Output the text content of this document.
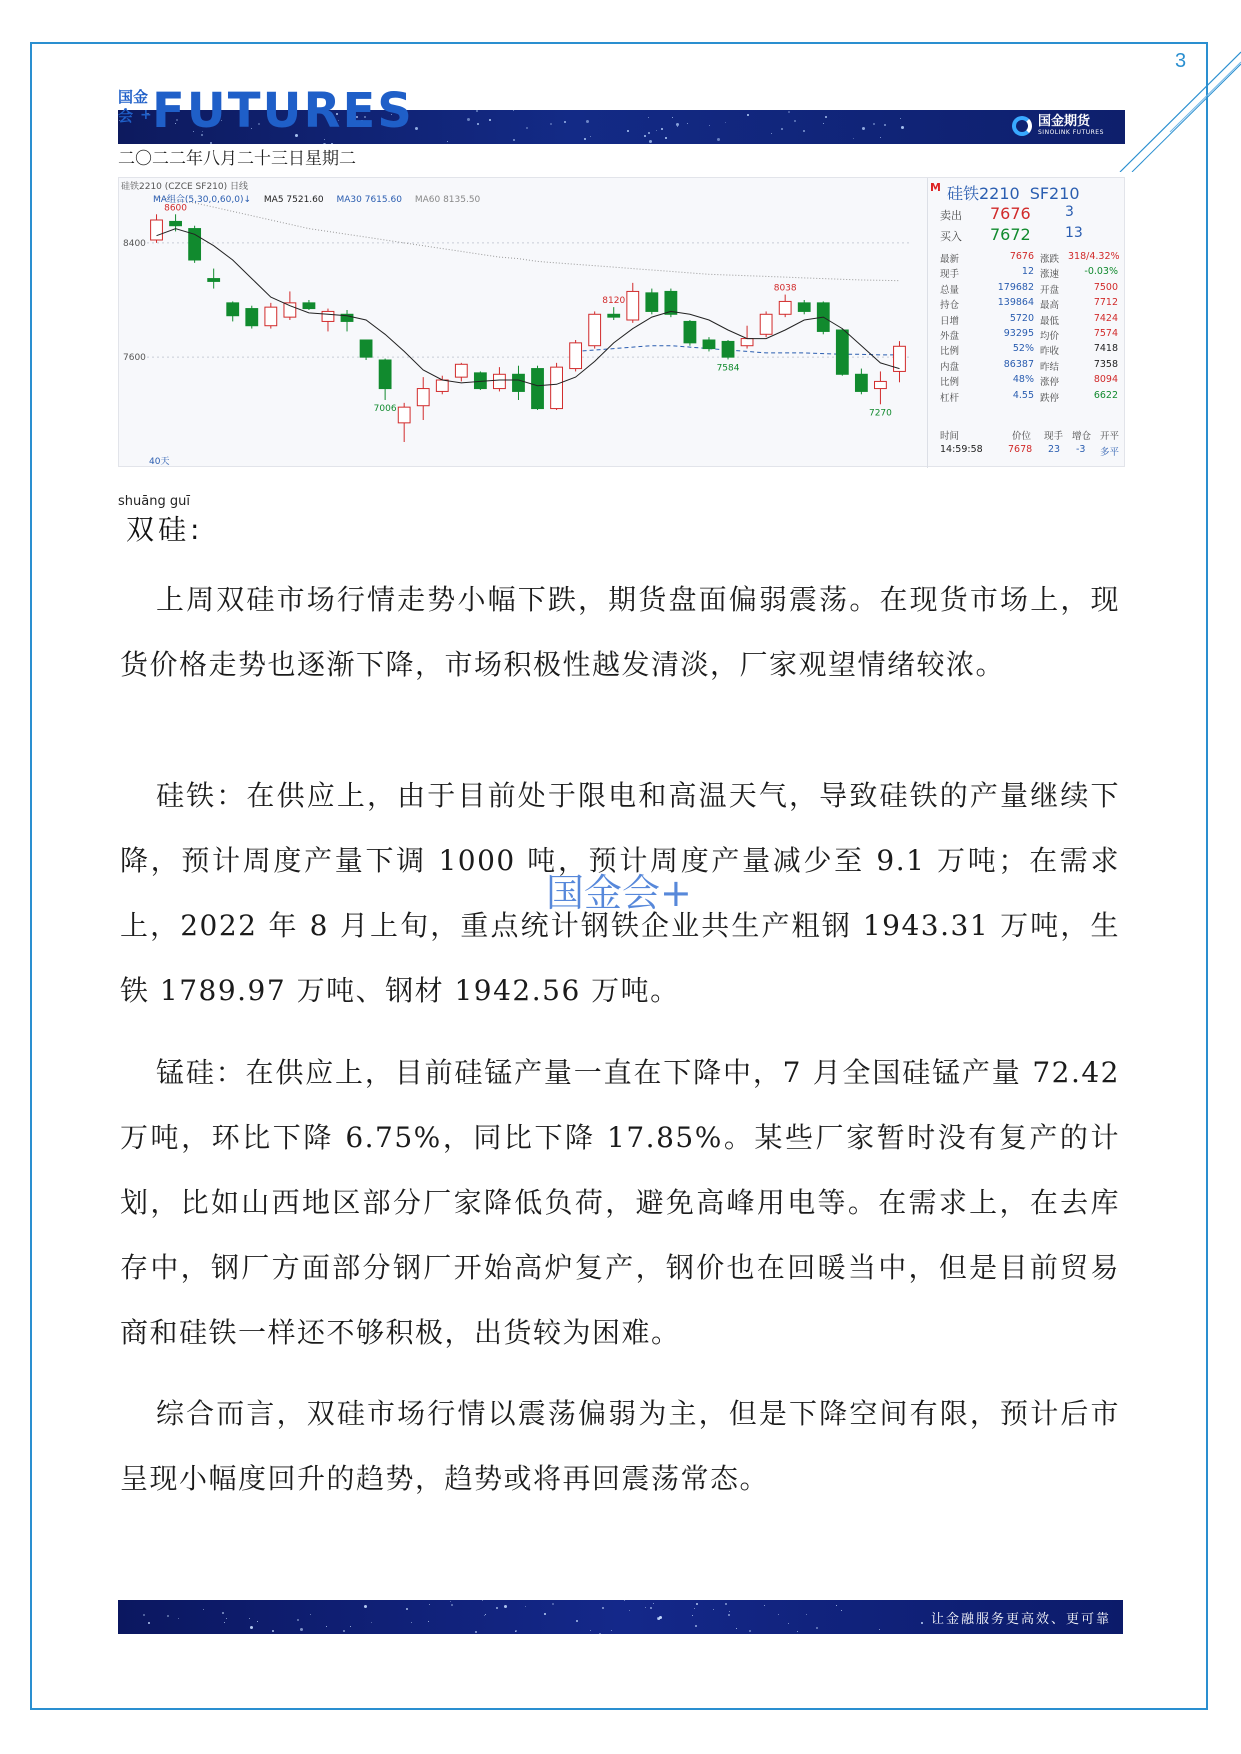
3
国金
会 + FUTURES	国金期货
SINOLINK FUTURES
二〇二二年八月二十三日星期二
8400
7600
8600
7006
8120
7584
8038
7270
40天
硅铁2210 (CZCE SF210) 日线
MA组合(5,30,0,60,0)↓ MA5 7521.60 MA30 7615.60 MA60 8135.50
$^M$ 硅铁2210 SF210
卖出 7676 3
买入 7672 13
最新	7676 涨跌 318/4.32%
现手	12 涨速	-0.03%
总量	179682 开盘	7500
持仓	139864 最高	7712
日增	5720 最低	7424
外盘	93295 均价	7574
比例	52% 昨收	7418
内盘	86387 昨结	7358
比例	48% 涨停	8094
杠杆	4.55 跌停	6622
时间	价位 现手 增仓 开平
14:59:58	7678 23 -3 多平
shuāng guī
双硅:

上周双硅市场行情走势小幅下跌，期货盘面偏弱震荡。在现货市场上，现货价格走势也逐渐下降，市场积极性越发清淡，厂家观望情绪较浓。

硅铁：在供应上，由于目前处于限电和高温天气，导致硅铁的产量继续下降，预计周度产量下调 1000 吨，预计周度产量减少至 9.1 万吨；在需求上，2022 年 8 月上旬，重点统计钢铁企业共生产粗钢 1943.31 万吨，生铁 1789.97 万吨、钢材 1942.56 万吨。

锰硅：在供应上，目前硅锰产量一直在下降中，7 月全国硅锰产量 72.42 万吨，环比下降 6.75%，同比下降 17.85%。某些厂家暂时没有复产的计划，比如山西地区部分厂家降低负荷，避免高峰用电等。在需求上，在去库存中，钢厂方面部分钢厂开始高炉复产，钢价也在回暖当中，但是目前贸易商和硅铁一样还不够积极，出货较为困难。

综合而言，双硅市场行情以震荡偏弱为主，但是下降空间有限，预计后市呈现小幅度回升的趋势，趋势或将再回震荡常态。

国金会+
让金融服务更高效、更可靠
